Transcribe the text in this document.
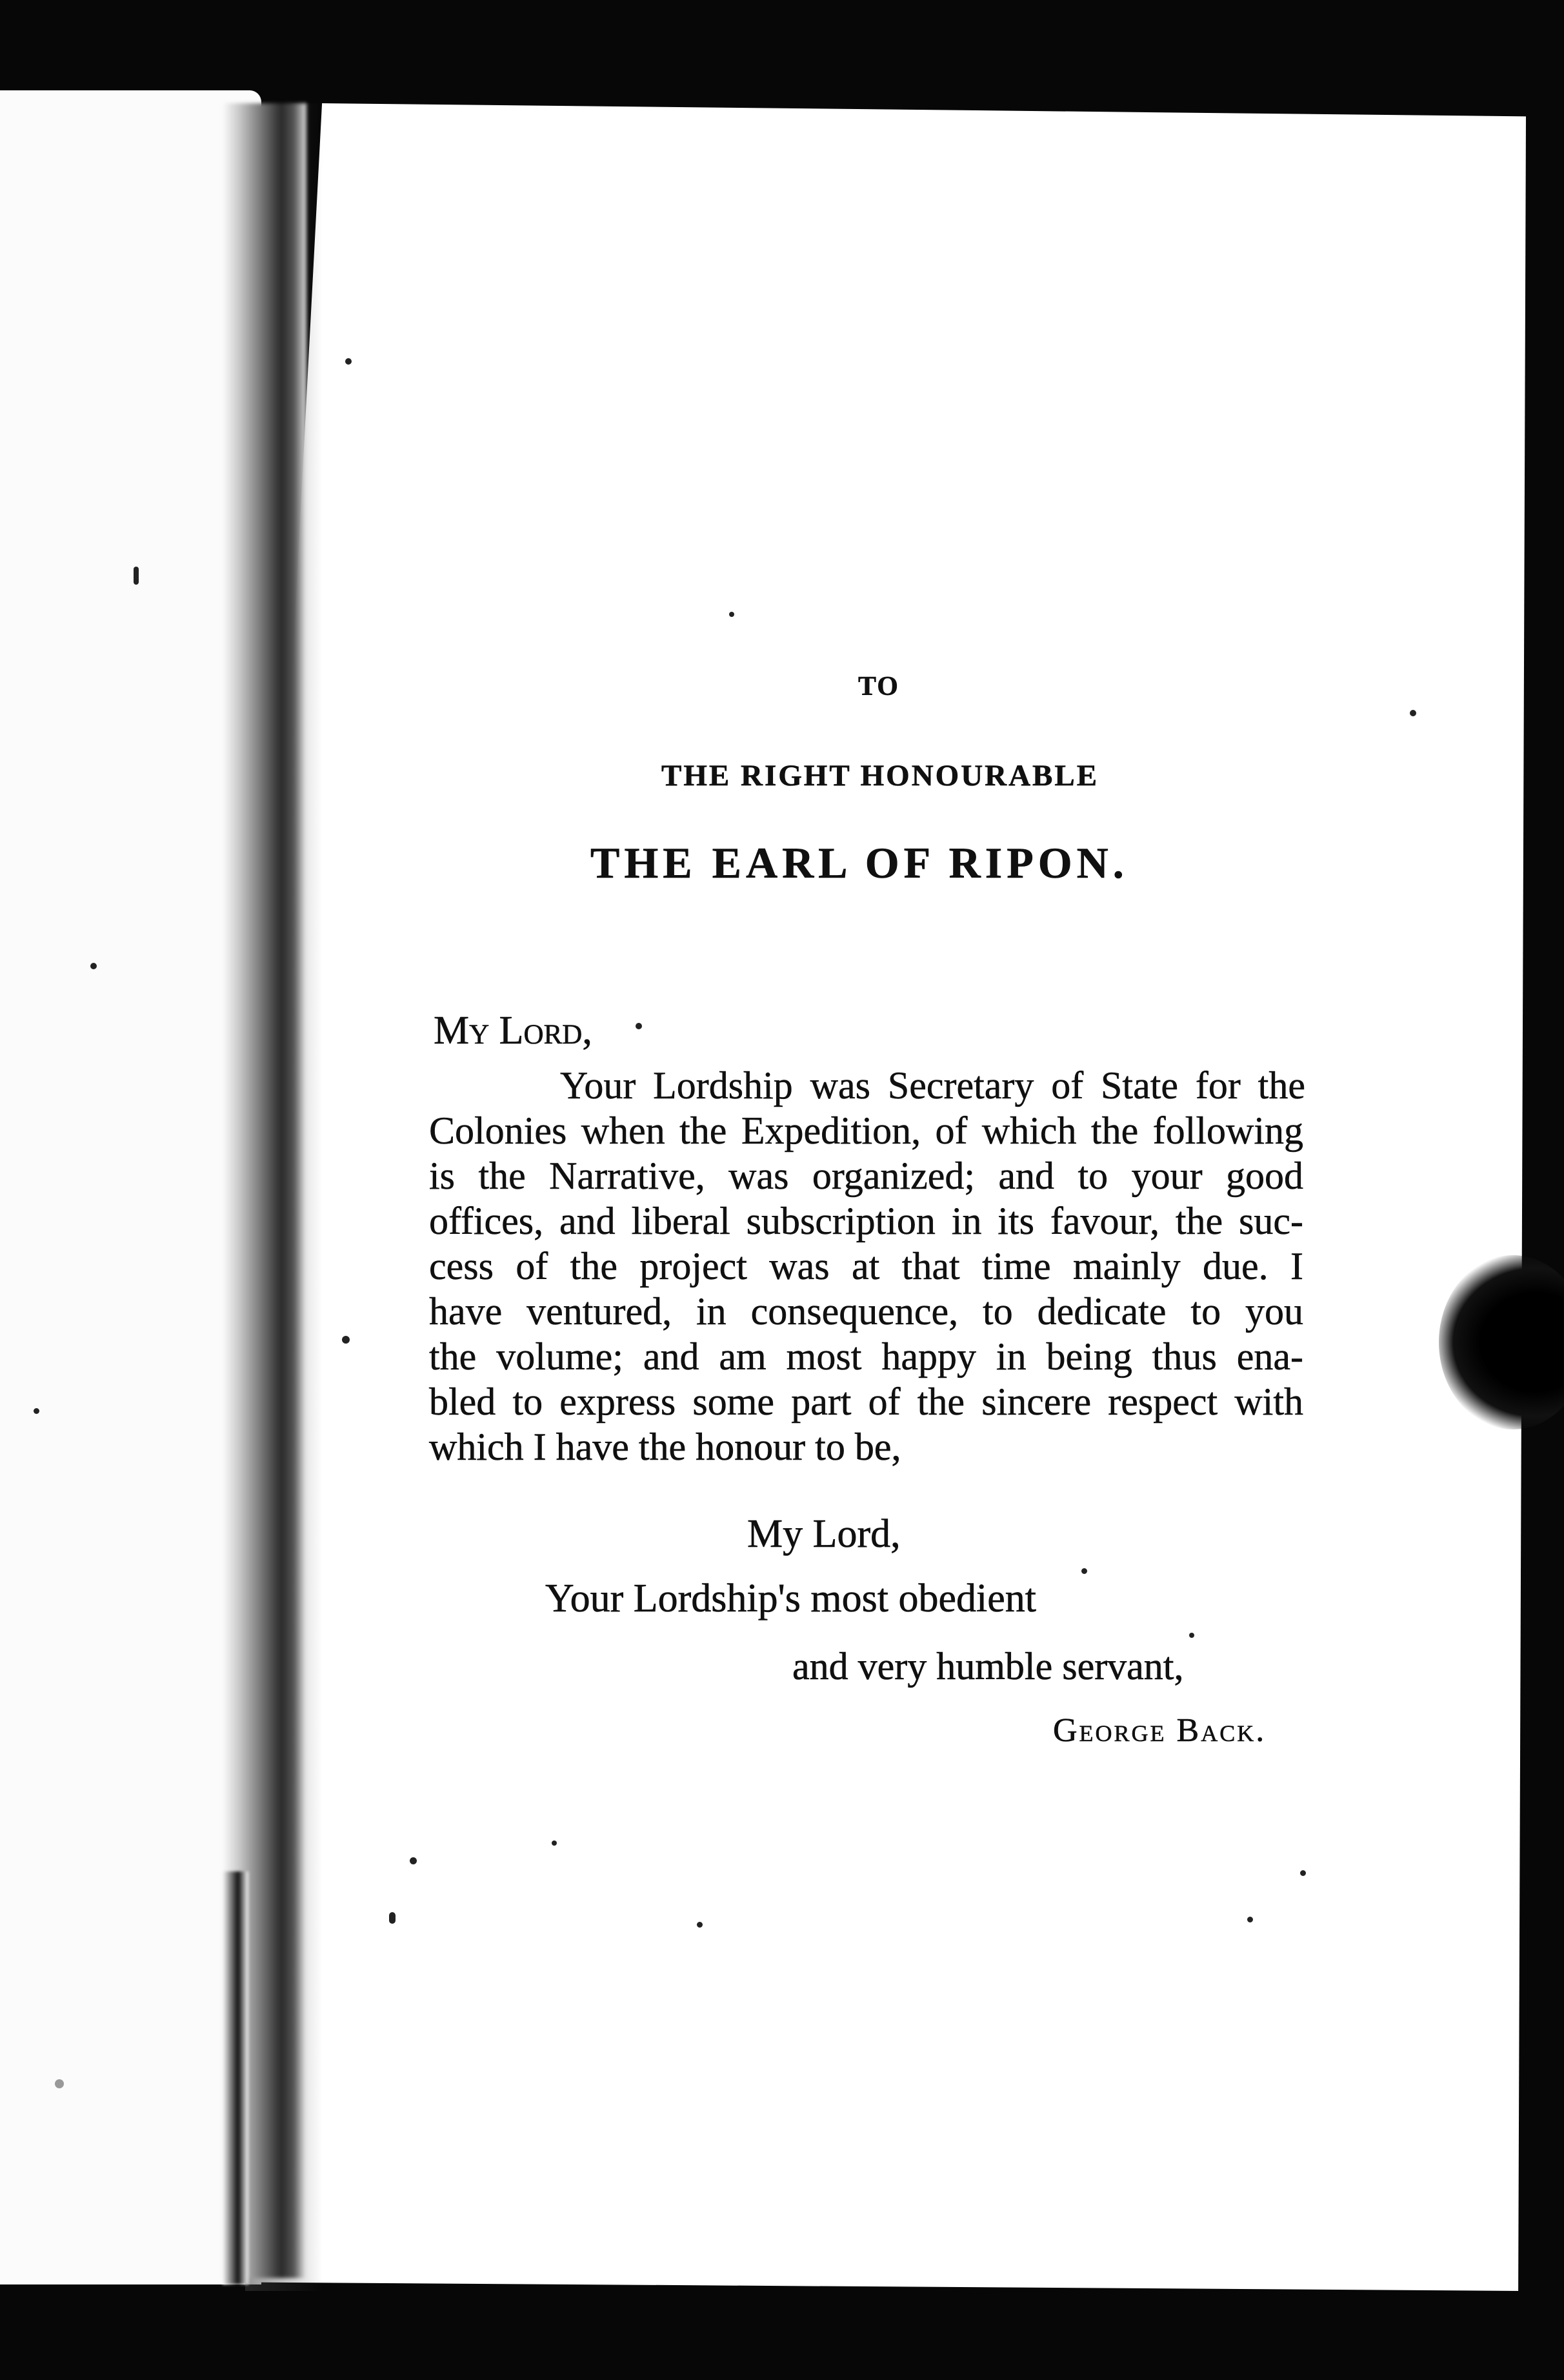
TO
THE RIGHT HONOURABLE
THE EARL OF RIPON.
My Lord,
Your Lordship was Secretary of State for the
Colonies when the Expedition, of which the following
is the Narrative, was organized; and to your good
offices, and liberal subscription in its favour, the suc-
cess of the project was at that time mainly due. I
have ventured, in consequence, to dedicate to you
the volume; and am most happy in being thus ena-
bled to express some part of the sincere respect with
which I have the honour to be,
My Lord,
Your Lordship's most obedient
and very humble servant,
George Back.
